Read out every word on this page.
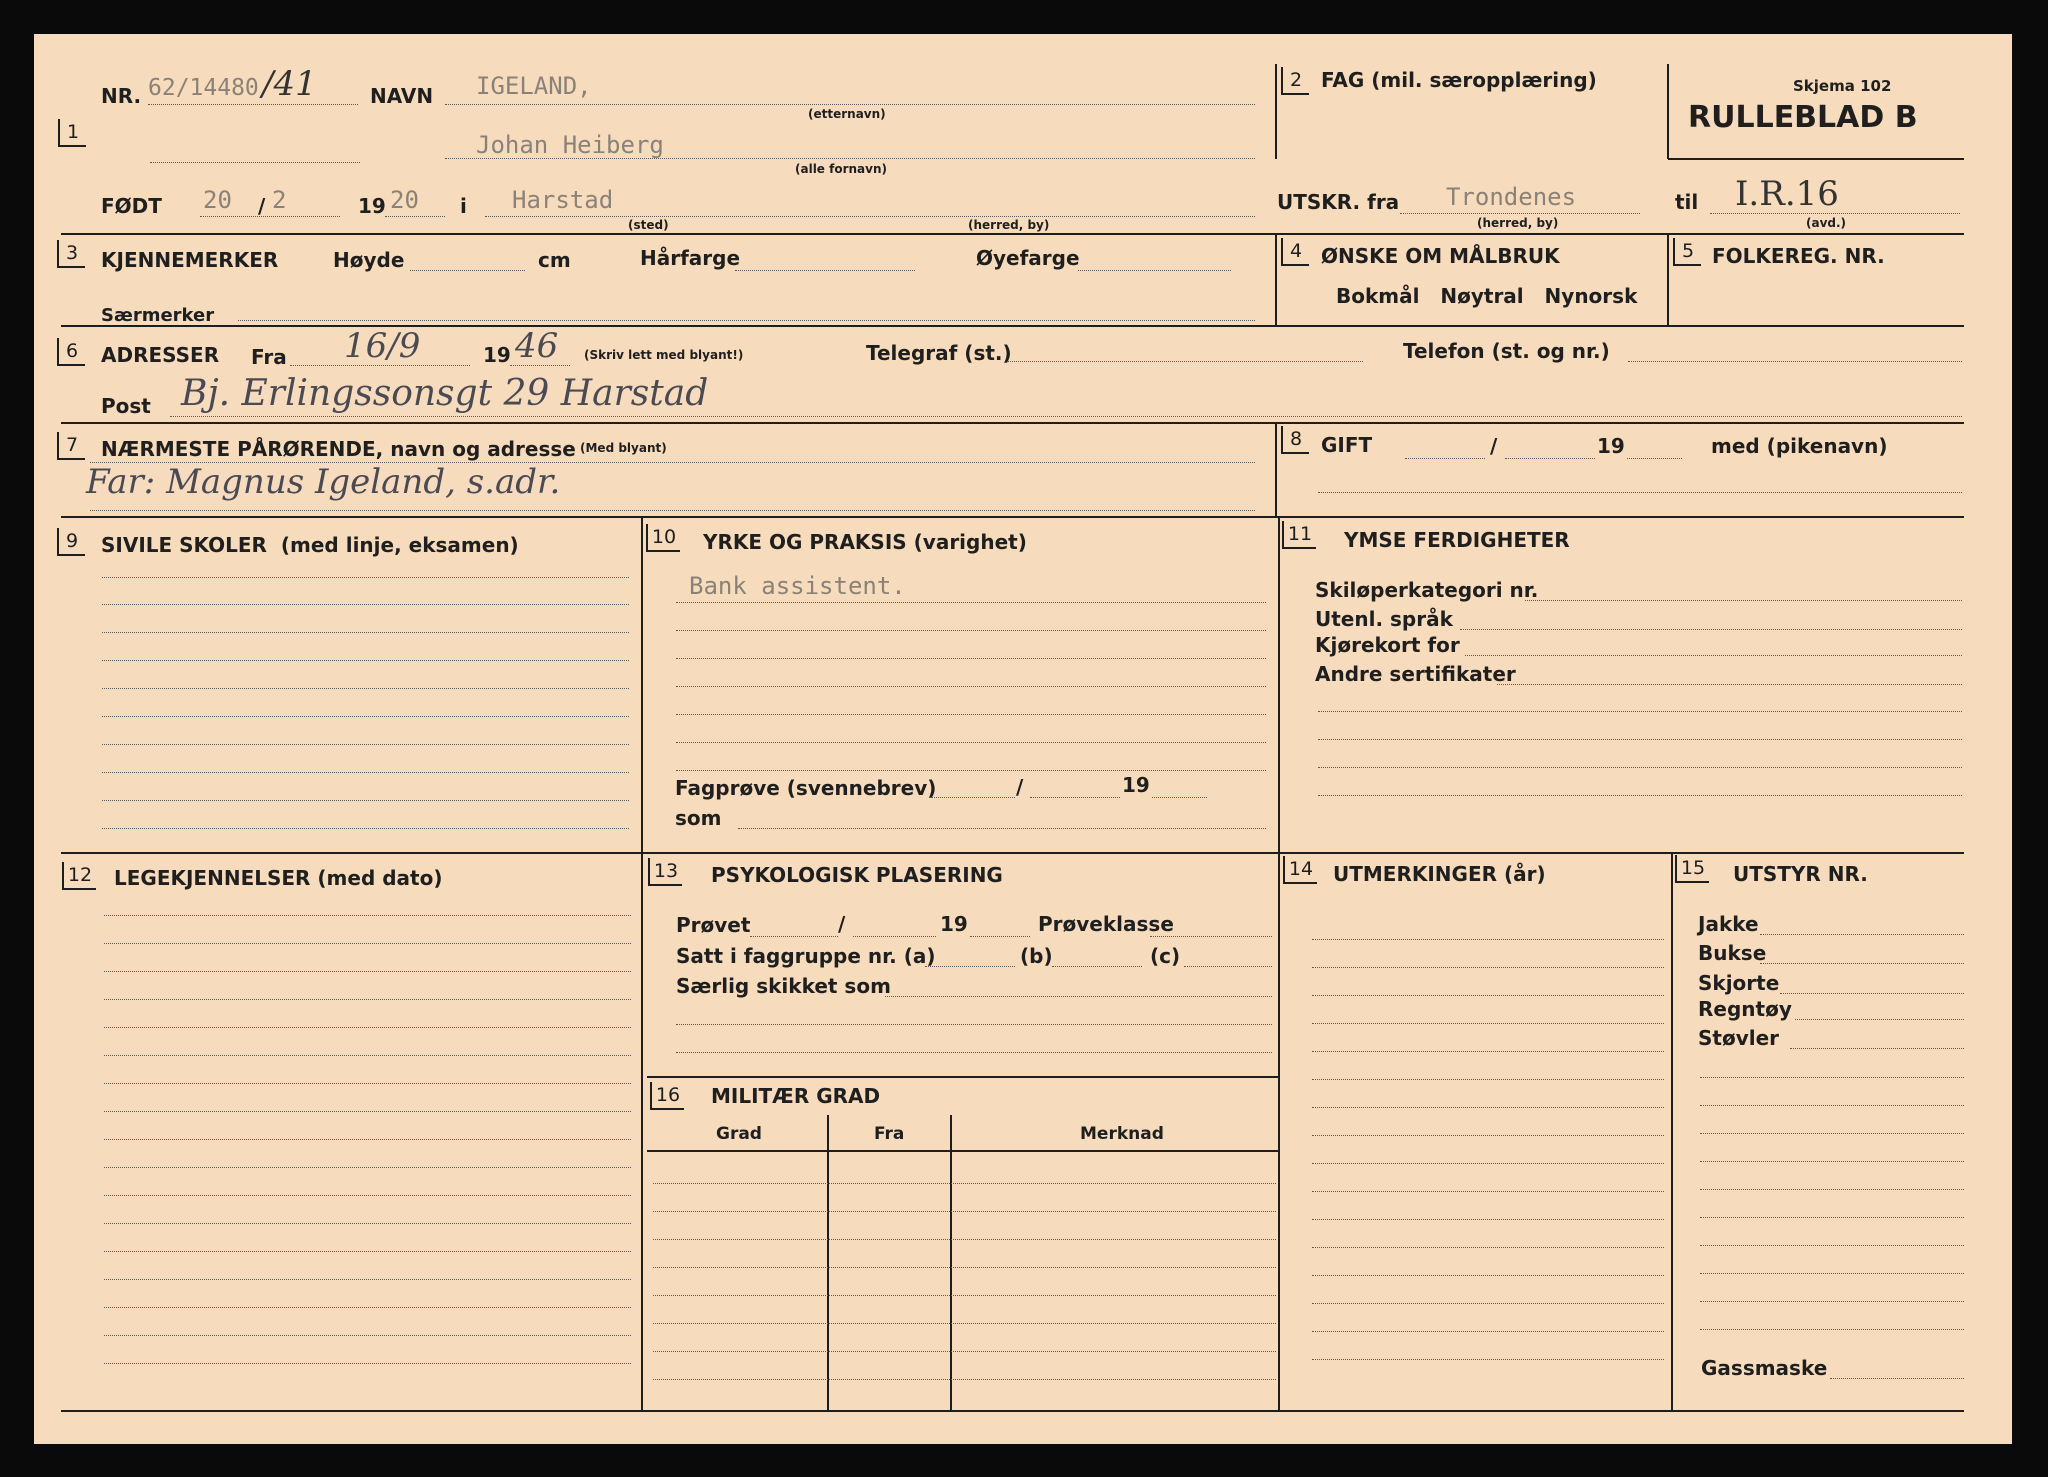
1
NR. 62/14480 /41	NAVN IGELAND,
(etternavn)
Johan Heiberg
(alle fornavn)
FØDT 20 / 2	19 20 i Harstad
(sted)	(herred, by)
2 FAG (mil. særopplæring)	Skjema 102
RULLEBLAD B
UTSKR. fra Trondenes
(herred, by)
til I.R.16
(avd.)
3	KJENNEMERKER	Høyde	cm	Hårfarge	Øyefarge
Særmerker
4 ØNSKE OM MÅLBRUK
Bokmål   Nøytral   Nynorsk
5 FOLKEREG. NR.
6	ADRESSER Fra 16/9	19 46 (Skriv lett med blyant!)	Telegraf (st.)	Telefon (st. og nr.)
Post Bj. Erlingssonsgt 29 Harstad
7	NÆRMESTE PÅRØRENDE, navn og adresse (Med blyant)
Far: Magnus Igeland, s.adr.
8 GIFT	/	19	med (pikenavn)
9	SIVILE SKOLER (med linje, eksamen)	10 YRKE OG PRAKSIS (varighet)
Bank assistent.
Fagprøve (svennebrev)	/	19
som
11 YMSE FERDIGHETER
Skiløperkategori nr.
Utenl. språk
Kjørekort for
Andre sertifikater
12 LEGEKJENNELSER (med dato)	13 PSYKOLOGISK PLASERING
Prøvet	/	19	Prøveklasse
Satt i faggruppe nr. (a)	(b)	(c)
Særlig skikket som
16 MILITÆR GRAD
Grad	Fra	Merknad
14 UTMERKINGER (år)	15 UTSTYR NR.
Jakke
Bukse
Skjorte
Regntøy
Støvler
Gassmaske
